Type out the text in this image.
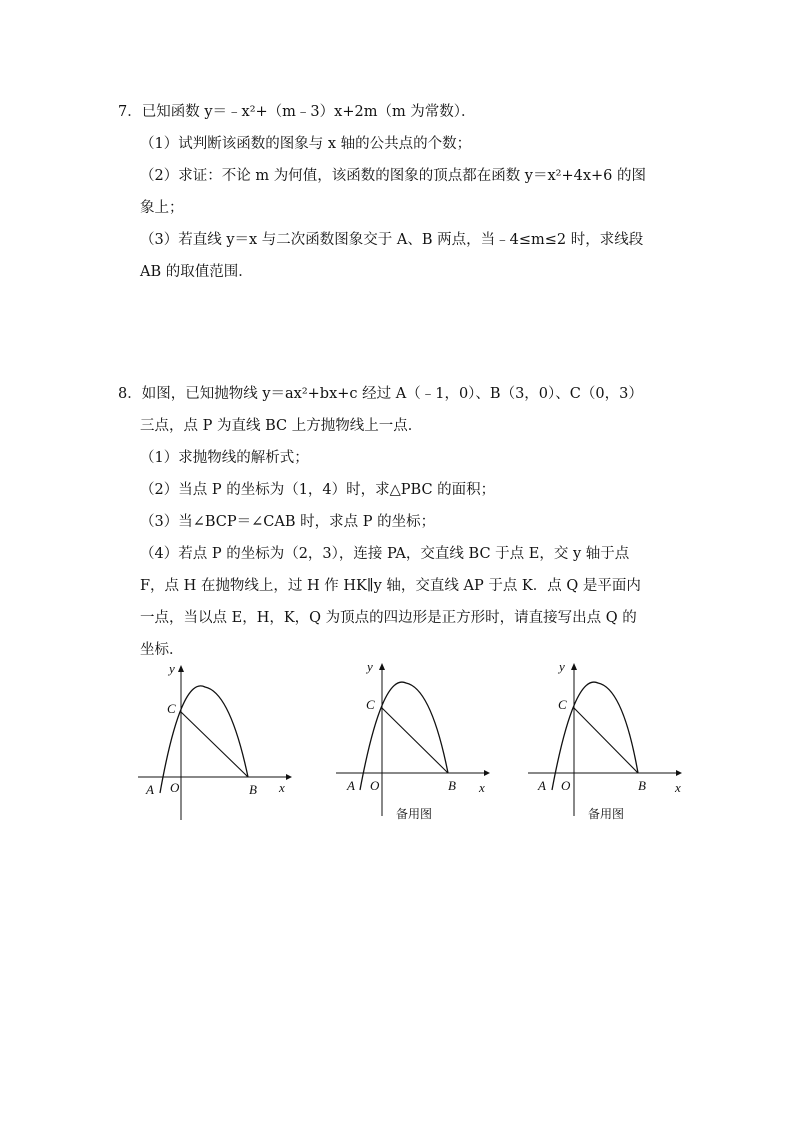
7．已知函数 y＝﹣x²+（m﹣3）x+2m（m 为常数）．
（1）试判断该函数的图象与 x 轴的公共点的个数；
（2）求证：不论 m 为何值，该函数的图象的顶点都在函数 y＝x²+4x+6 的图
象上；
（3）若直线 y＝x 与二次函数图象交于 A、B 两点，当﹣4≤m≤2 时，求线段
AB 的取值范围．
8．如图，已知抛物线 y＝ax²+bx+c 经过 A（﹣1，0）、B（3，0）、C（0，3）
三点，点 P 为直线 BC 上方抛物线上一点．
（1）求抛物线的解析式；
（2）当点 P 的坐标为（1，4）时，求△PBC 的面积；
（3）当∠BCP＝∠CAB 时，求点 P 的坐标；
（4）若点 P 的坐标为（2，3），连接 PA，交直线 BC 于点 E，交 y 轴于点
F，点 H 在抛物线上，过 H 作 HK∥y 轴，交直线 AP 于点 K．点 Q 是平面内
一点，当以点 E，H，K，Q 为顶点的四边形是正方形时，请直接写出点 Q 的
坐标．
y
C
A O	B x
y
C
A O	B x
备用图
y
C
A O	B x
备用图
